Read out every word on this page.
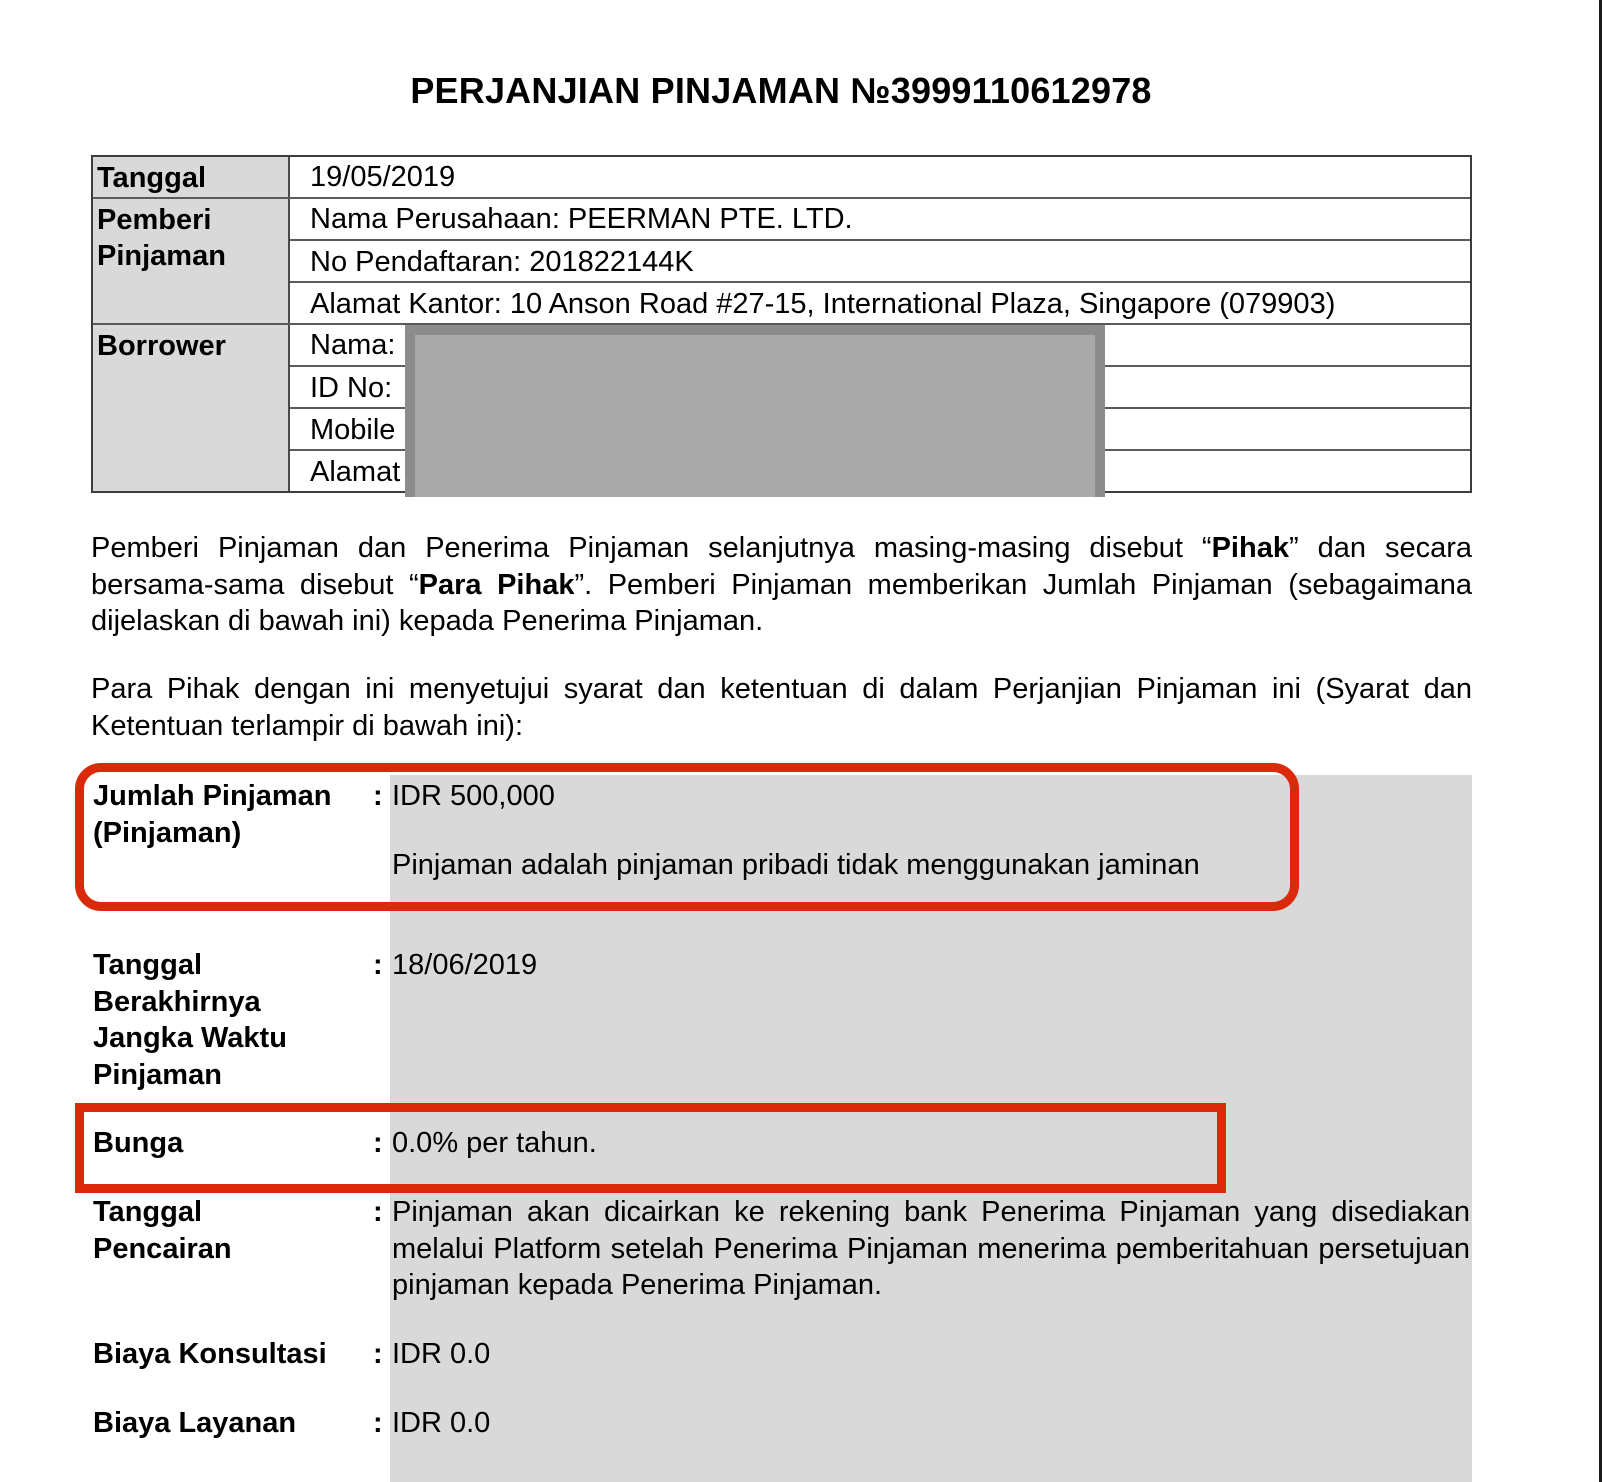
PERJANJIAN PINJAMAN №3999110612978
Tanggal	19/05/2019
Pemberi Pinjaman
Nama Perusahaan: PEERMAN PTE. LTD.
No Pendaftaran: 201822144K
Alamat Kantor: 10 Anson Road #27-15, International Plaza, Singapore (079903)
Borrower	Nama:
ID No:
Mobile
Alamat
Pemberi Pinjaman dan Penerima Pinjaman selanjutnya masing-masing disebut “Pihak” dan secara bersama-sama disebut “Para Pihak”. Pemberi Pinjaman memberikan Jumlah Pinjaman (sebagaimana dijelaskan di bawah ini) kepada Penerima Pinjaman.
Para Pihak dengan ini menyetujui syarat dan ketentuan di dalam Perjanjian Pinjaman ini (Syarat dan Ketentuan terlampir di bawah ini):
Jumlah Pinjaman (Pinjaman)
: IDR 500,000
Pinjaman adalah pinjaman pribadi tidak menggunakan jaminan
Tanggal Berakhirnya Jangka Waktu Pinjaman
: 18/06/2019
Bunga	: 0.0% per tahun.
Tanggal Pencairan
: Pinjaman akan dicairkan ke rekening bank Penerima Pinjaman yang disediakan melalui Platform setelah Penerima Pinjaman menerima pemberitahuan persetujuan pinjaman kepada Penerima Pinjaman.
Biaya Konsultasi	: IDR 0.0
Biaya Layanan	: IDR 0.0
